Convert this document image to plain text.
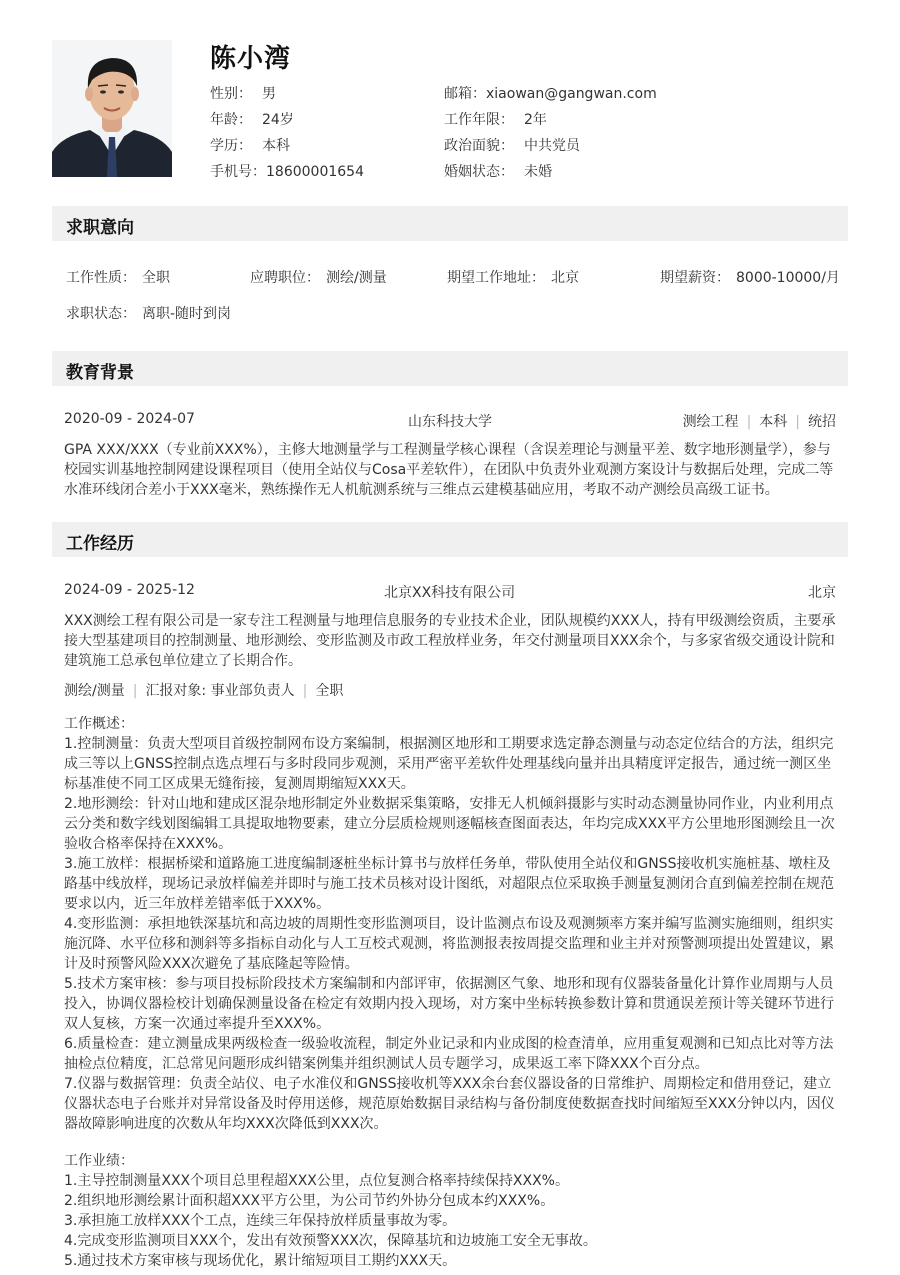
陈小湾
性别： 男
年龄： 24岁
学历： 本科
手机号：18600001654
邮箱：xiaowan@gangwan.com
工作年限： 2年
政治面貌： 中共党员
婚姻状态： 未婚
求职意向
工作性质： 全职	应聘职位： 测绘/测量	期望工作地址： 北京	期望薪资： 8000-10000/月
求职状态： 离职-随时到岗
教育背景
2020-09 - 2024-07	山东科技大学	测绘工程 | 本科 | 统招
GPA XXX/XXX（专业前XXX%），主修大地测量学与工程测量学核心课程（含误差理论与测量平差、数字地形测量学），参与校园实训基地控制网建设课程项目（使用全站仪与Cosa平差软件），在团队中负责外业观测方案设计与数据后处理，完成二等水准环线闭合差小于XXX毫米，熟练操作无人机航测系统与三维点云建模基础应用，考取不动产测绘员高级工证书。
工作经历
2024-09 - 2025-12	北京XX科技有限公司	北京
XXX测绘工程有限公司是一家专注工程测量与地理信息服务的专业技术企业，团队规模约XXX人，持有甲级测绘资质，主要承接大型基建项目的控制测量、地形测绘、变形监测及市政工程放样业务，年交付测量项目XXX余个，与多家省级交通设计院和建筑施工总承包单位建立了长期合作。
测绘/测量 | 汇报对象: 事业部负责人 | 全职
工作概述：
1.控制测量：负责大型项目首级控制网布设方案编制，根据测区地形和工期要求选定静态测量与动态定位结合的方法，组织完成三等以上GNSS控制点选点埋石与多时段同步观测，采用严密平差软件处理基线向量并出具精度评定报告，通过统一测区坐标基准使不同工区成果无缝衔接，复测周期缩短XXX天。
2.地形测绘：针对山地和建成区混杂地形制定外业数据采集策略，安排无人机倾斜摄影与实时动态测量协同作业，内业利用点云分类和数字线划图编辑工具提取地物要素，建立分层质检规则逐幅核查图面表达，年均完成XXX平方公里地形图测绘且一次验收合格率保持在XXX%。
3.施工放样：根据桥梁和道路施工进度编制逐桩坐标计算书与放样任务单，带队使用全站仪和GNSS接收机实施桩基、墩柱及路基中线放样，现场记录放样偏差并即时与施工技术员核对设计图纸，对超限点位采取换手测量复测闭合直到偏差控制在规范要求以内，近三年放样差错率低于XXX%。
4.变形监测：承担地铁深基坑和高边坡的周期性变形监测项目，设计监测点布设及观测频率方案并编写监测实施细则，组织实施沉降、水平位移和测斜等多指标自动化与人工互校式观测，将监测报表按周提交监理和业主并对预警测项提出处置建议，累计及时预警风险XXX次避免了基底隆起等险情。
5.技术方案审核：参与项目投标阶段技术方案编制和内部评审，依据测区气象、地形和现有仪器装备量化计算作业周期与人员投入，协调仪器检校计划确保测量设备在检定有效期内投入现场，对方案中坐标转换参数计算和贯通误差预计等关键环节进行双人复核，方案一次通过率提升至XXX%。
6.质量检查：建立测量成果两级检查一级验收流程，制定外业记录和内业成图的检查清单，应用重复观测和已知点比对等方法抽检点位精度，汇总常见问题形成纠错案例集并组织测试人员专题学习，成果返工率下降XXX个百分点。
7.仪器与数据管理：负责全站仪、电子水准仪和GNSS接收机等XXX余台套仪器设备的日常维护、周期检定和借用登记，建立仪器状态电子台账并对异常设备及时停用送修，规范原始数据目录结构与备份制度使数据查找时间缩短至XXX分钟以内，因仪器故障影响进度的次数从年均XXX次降低到XXX次。
工作业绩：
1.主导控制测量XXX个项目总里程超XXX公里，点位复测合格率持续保持XXX%。
2.组织地形测绘累计面积超XXX平方公里，为公司节约外协分包成本约XXX%。
3.承担施工放样XXX个工点，连续三年保持放样质量事故为零。
4.完成变形监测项目XXX个，发出有效预警XXX次，保障基坑和边坡施工安全无事故。
5.通过技术方案审核与现场优化，累计缩短项目工期约XXX天。
